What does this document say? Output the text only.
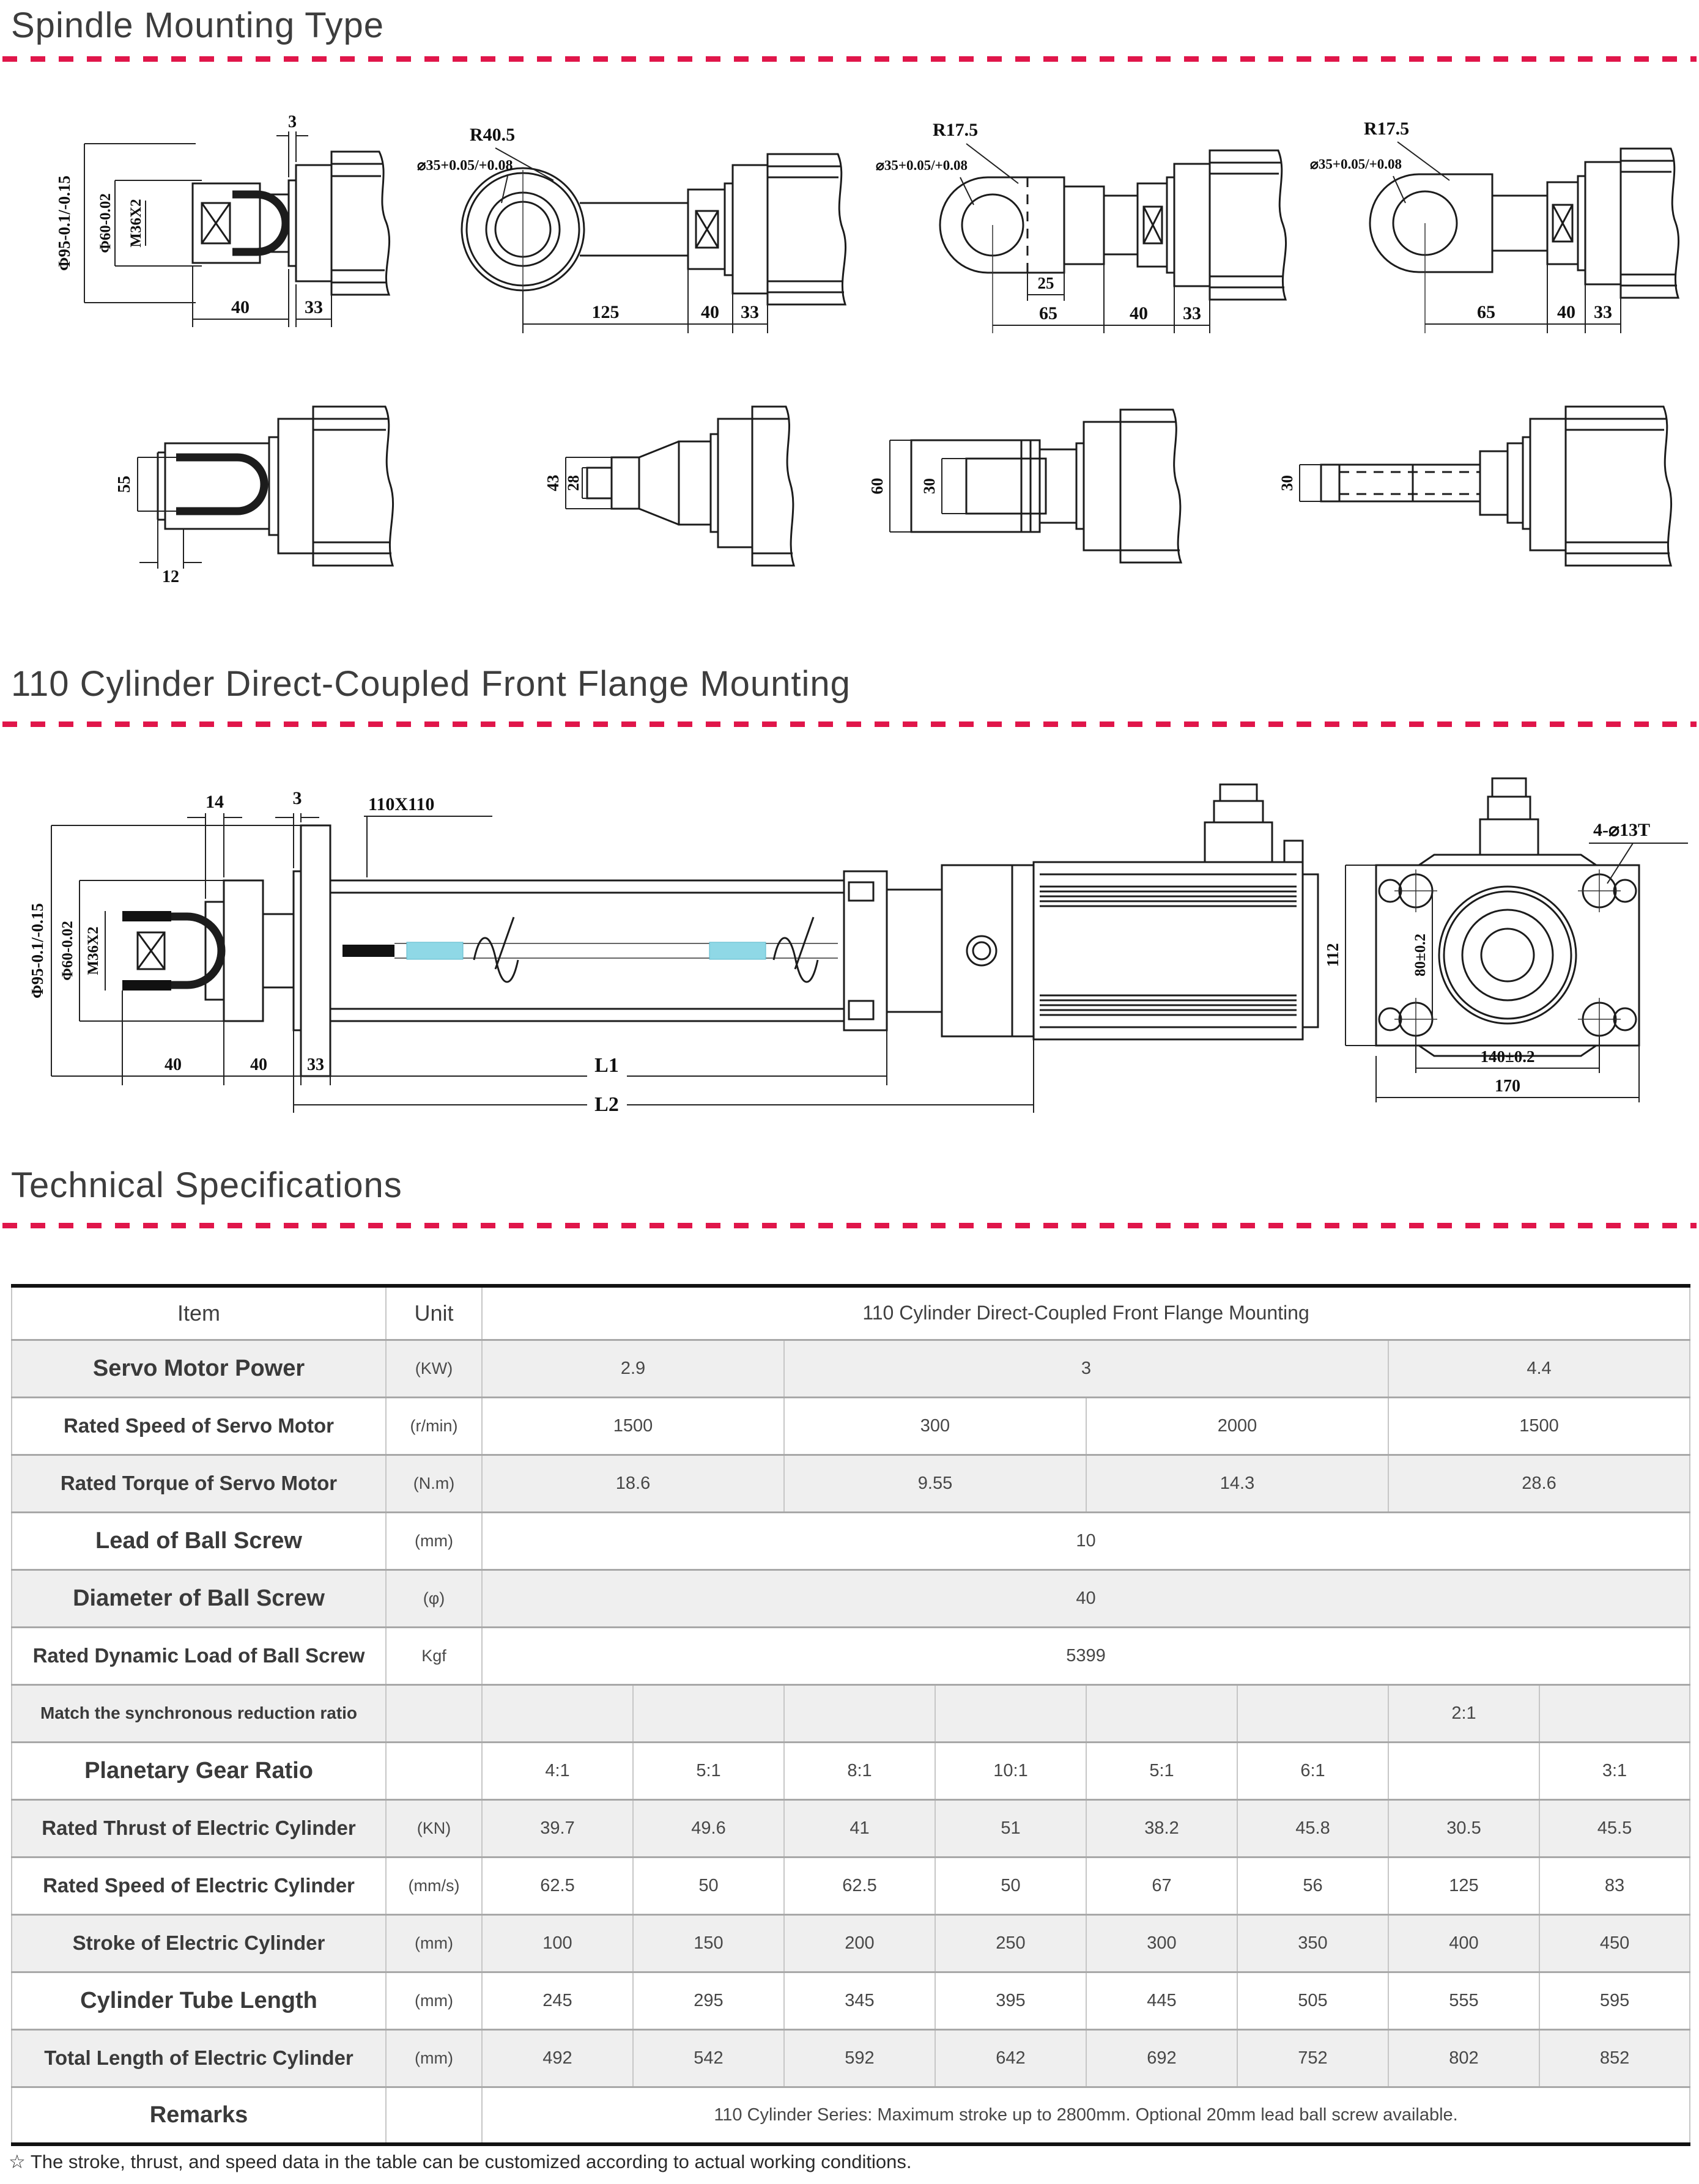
Spindle Mounting Type
Φ95-0.1/-0.15 Φ60-0.02 M36X2
3
40	33
R40.5
⌀35+0.05/+0.08
125	40 33
R17.5
⌀35+0.05/+0.08
25
65	40 33
R17.5
⌀35+0.05/+0.08
65	40 33
55
12
43 28	60 30	30
110 Cylinder Direct-Coupled Front Flange Mounting
Φ95-0.1/-0.15 Φ60-0.02 M36X2
14	3	110X110
40	40 33	L1
L2
112	80±0.2
4-⌀13T
140±0.2
170
Technical Specifications
Item	Unit	110 Cylinder Direct-Coupled Front Flange Mounting							
Servo Motor Power	(KW)	2.9		3				4.4	
Rated Speed of Servo Motor	(r/min)	1500		300		2000		1500	
Rated Torque of Servo Motor	(N.m)	18.6		9.55		14.3		28.6	
Lead of Ball Screw	(mm)	10							
Diameter of Ball Screw	(φ)	40							
Rated Dynamic Load of Ball Screw	Kgf	5399							
Match the synchronous reduction ratio								2:1	
Planetary Gear Ratio		4:1	5:1	8:1	10:1	5:1	6:1		3:1
Rated Thrust of Electric Cylinder	(KN)	39.7	49.6	41	51	38.2	45.8	30.5	45.5
Rated Speed of Electric Cylinder	(mm/s)	62.5	50	62.5	50	67	56	125	83
Stroke of Electric Cylinder	(mm)	100	150	200	250	300	350	400	450
Cylinder Tube Length	(mm)	245	295	345	395	445	505	555	595
Total Length of Electric Cylinder	(mm)	492	542	592	642	692	752	802	852
Remarks		110 Cylinder Series: Maximum stroke up to 2800mm. Optional 20mm lead ball screw available.							
☆ The stroke, thrust, and speed data in the table can be customized according to actual working conditions.
